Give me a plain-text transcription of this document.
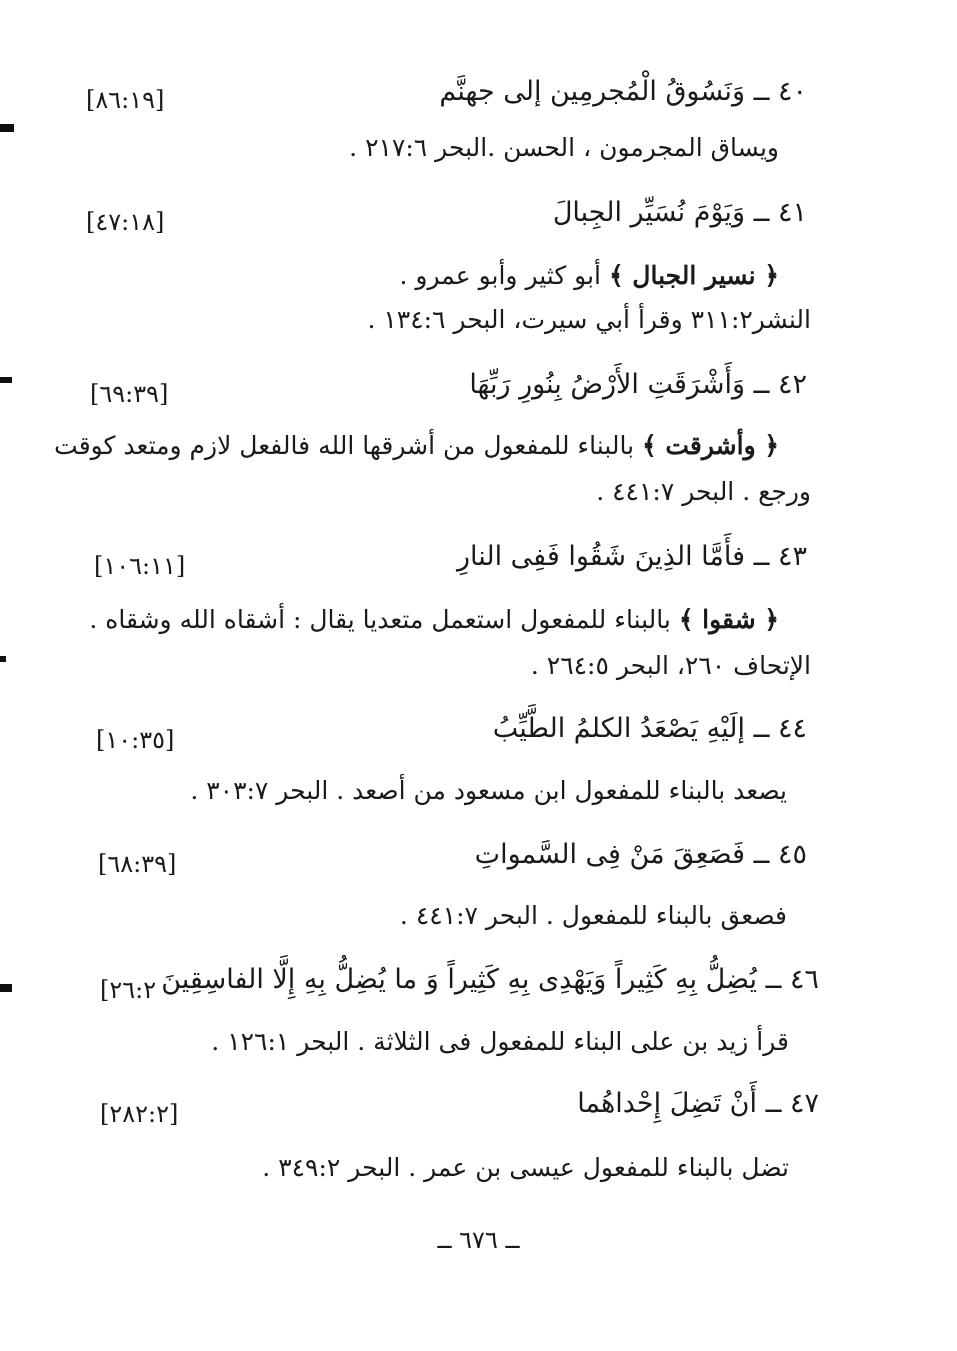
٤٠ ــ وَنَسُوقُ الْمُجرمِين إلى جهنَّم
[٨٦:١٩]
ويساق المجرمون ، الحسن .البحر ٢١٧:٦ .
٤١ ــ وَيَوْمَ نُسَيِّر الجِبالَ
[٤٧:١٨]
﴿ نسير الجبال ﴾ أبو كثير وأبو عمرو .
النشر٣١١:٢ وقرأ أبي سيرت، البحر ١٣٤:٦ .
٤٢ ــ وَأَشْرَقَتِ الأَرْضُ بِنُورِ رَبِّهَا
[٦٩:٣٩]
﴿ وأشرقت ﴾ بالبناء للمفعول من أشرقها الله فالفعل لازم ومتعد كوقت
ورجع . البحر ٤٤١:٧ .
٤٣ ــ فأَمَّا الذِينَ شَقُوا فَفِى النارِ
[١٠٦:١١]
﴿ شقوا ﴾ بالبناء للمفعول استعمل متعديا يقال : أشقاه الله وشقاه .
الإتحاف ٢٦٠، البحر ٢٦٤:٥ .
٤٤ ــ إلَيْهِ يَصْعَدُ الكلمُ الطَّيِّبُ
[١٠:٣٥]
يصعد بالبناء للمفعول ابن مسعود من أصعد . البحر ٣٠٣:٧ .
٤٥ ــ فَصَعِقَ مَنْ فِى السَّمواتِ
[٦٨:٣٩]
فصعق بالبناء للمفعول . البحر ٤٤١:٧ .
٤٦ ــ يُضِلُّ بِهِ كَثِيراً وَيَهْدِى بِهِ كَثِيراً وَ ما يُضِلُّ بِهِ إِلَّا الفاسِقِينَ
[٢٦:٢
قرأ زيد بن على البناء للمفعول فى الثلاثة . البحر ١٢٦:١ .
٤٧ ــ أَنْ تَضِلَ إِحْداهُما
[٢٨٢:٢]
تضل بالبناء للمفعول عيسى بن عمر . البحر ٣٤٩:٢ .
ــ ٦٧٦ ــ
